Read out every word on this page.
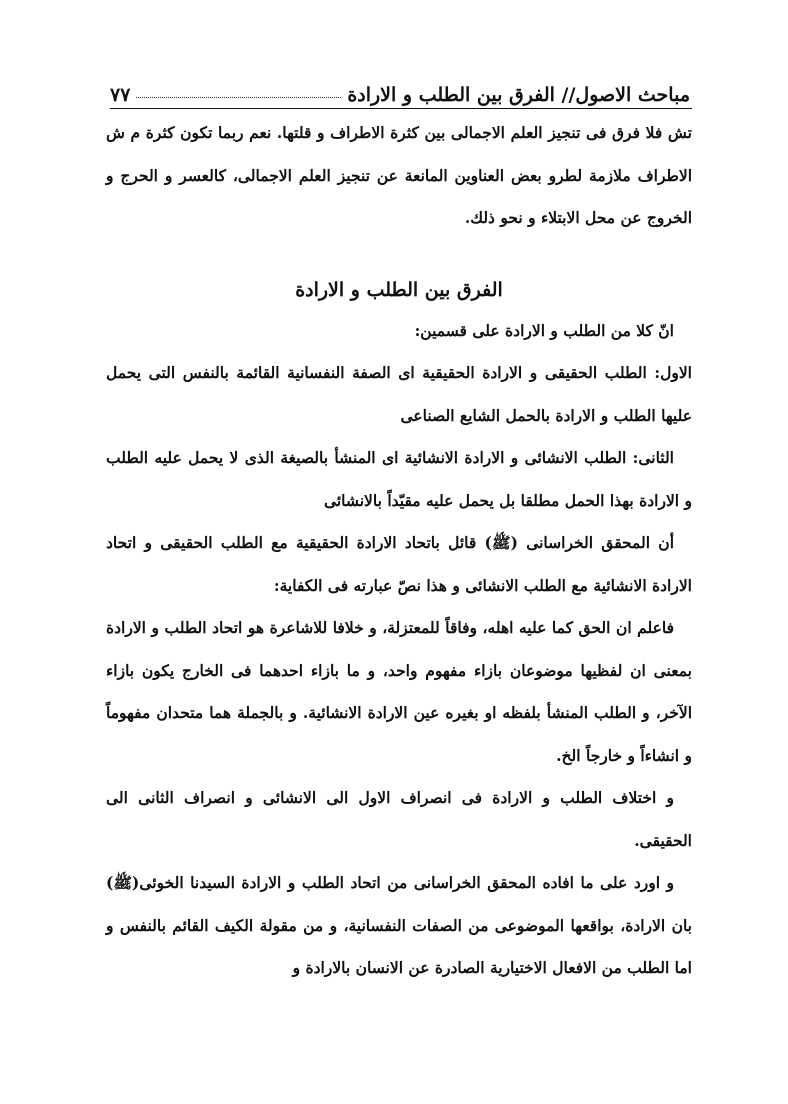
مباحث الاصول// الفرق بين الطلب و الارادة
٧٧

تش فلا فرق فى تنجيز العلم الاجمالى بين كثرة الاطراف و قلتها. نعم ربما تكون كثرة م ش الاطراف ملازمة لطرو بعض العناوين المانعة عن تنجيز العلم الاجمالى، كالعسر و الحرج و الخروج عن محل الابتلاء و نحو ذلك.

الفرق بين الطلب و الارادة

انّ كلا من الطلب و الارادة على قسمين:

الاول: الطلب الحقيقى و الارادة الحقيقية اى الصفة النفسانية القائمة بالنفس التى يحمل عليها الطلب و الارادة بالحمل الشايع الصناعى

الثانى: الطلب الانشائى و الارادة الانشائية اى المنشأ بالصيغة الذى لا يحمل عليه الطلب و الارادة بهذا الحمل مطلقا بل يحمل عليه مقيّداً بالانشائى

أن المحقق الخراسانى (ﷺ) قائل باتحاد الارادة الحقيقية مع الطلب الحقيقى و اتحاد الارادة الانشائية مع الطلب الانشائى و هذا نصّ عبارته فى الكفاية:

فاعلم ان الحق كما عليه اهله، وفاقاً للمعتزلة، و خلافا للاشاعرة هو اتحاد الطلب و الارادة بمعنى ان لفظيها موضوعان بازاء مفهوم واحد، و ما بازاء احدهما فى الخارج يكون بازاء الآخر، و الطلب المنشأ بلفظه او بغيره عين الارادة الانشائية. و بالجملة هما متحدان مفهوماً و انشاءاً و خارجاً الخ.

و اختلاف الطلب و الارادة فى انصراف الاول الى الانشائى و انصراف الثانى الى الحقيقى.

و اورد على ما افاده المحقق الخراسانى من اتحاد الطلب و الارادة السيدنا الخوئى(ﷺ) بان الارادة، بواقعها الموضوعى من الصفات النفسانية، و من مقولة الكيف القائم بالنفس و اما الطلب من الافعال الاختيارية الصادرة عن الانسان بالارادة و
